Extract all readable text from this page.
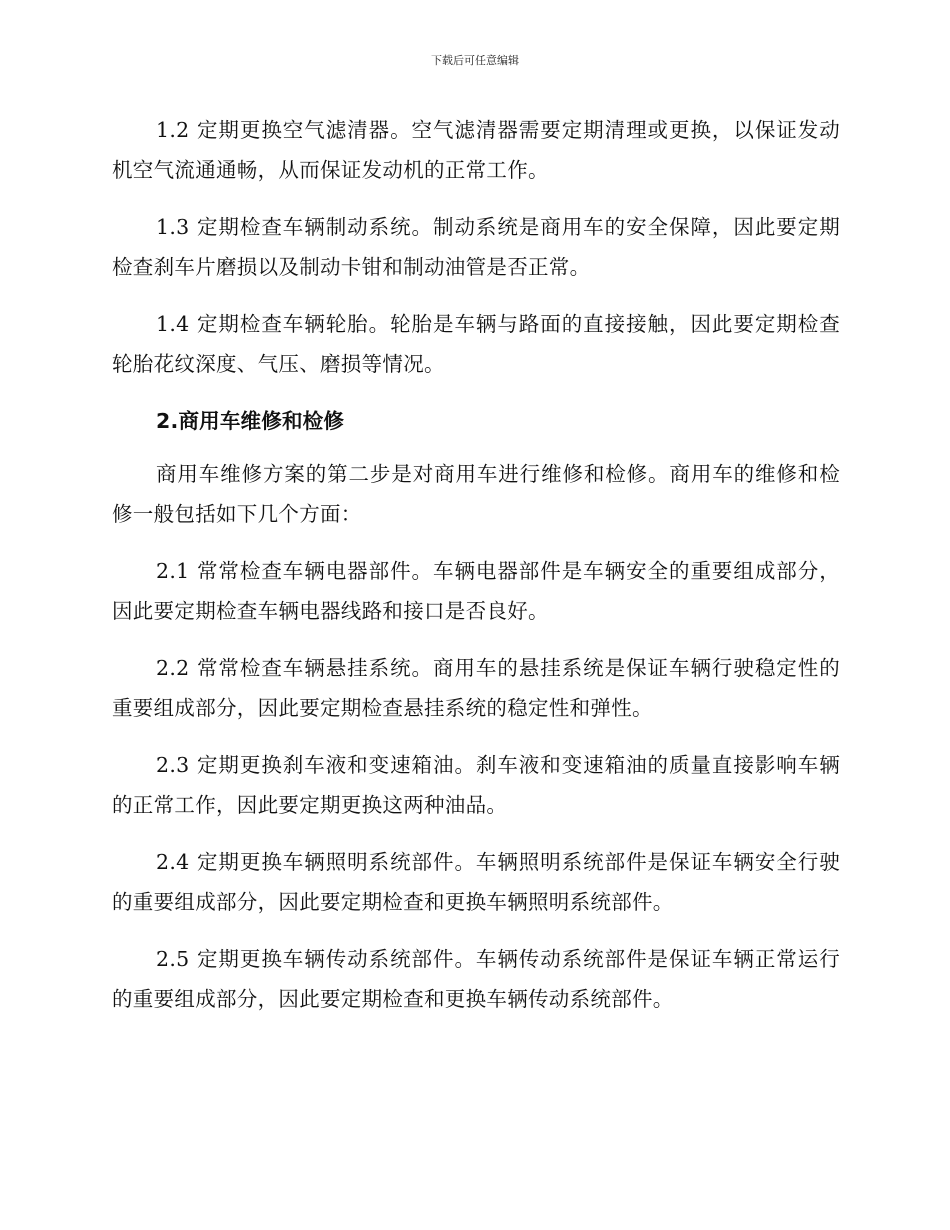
下载后可任意编辑

1.2 定期更换空气滤清器。空气滤清器需要定期清理或更换，以保证发动机空气流通通畅，从而保证发动机的正常工作。

1.3 定期检查车辆制动系统。制动系统是商用车的安全保障，因此要定期检查刹车片磨损以及制动卡钳和制动油管是否正常。

1.4 定期检查车辆轮胎。轮胎是车辆与路面的直接接触，因此要定期检查轮胎花纹深度、气压、磨损等情况。

2.商用车维修和检修

商用车维修方案的第二步是对商用车进行维修和检修。商用车的维修和检修一般包括如下几个方面：

2.1 常常检查车辆电器部件。车辆电器部件是车辆安全的重要组成部分，因此要定期检查车辆电器线路和接口是否良好。

2.2 常常检查车辆悬挂系统。商用车的悬挂系统是保证车辆行驶稳定性的重要组成部分，因此要定期检查悬挂系统的稳定性和弹性。

2.3 定期更换刹车液和变速箱油。刹车液和变速箱油的质量直接影响车辆的正常工作，因此要定期更换这两种油品。

2.4 定期更换车辆照明系统部件。车辆照明系统部件是保证车辆安全行驶的重要组成部分，因此要定期检查和更换车辆照明系统部件。

2.5 定期更换车辆传动系统部件。车辆传动系统部件是保证车辆正常运行的重要组成部分，因此要定期检查和更换车辆传动系统部件。
